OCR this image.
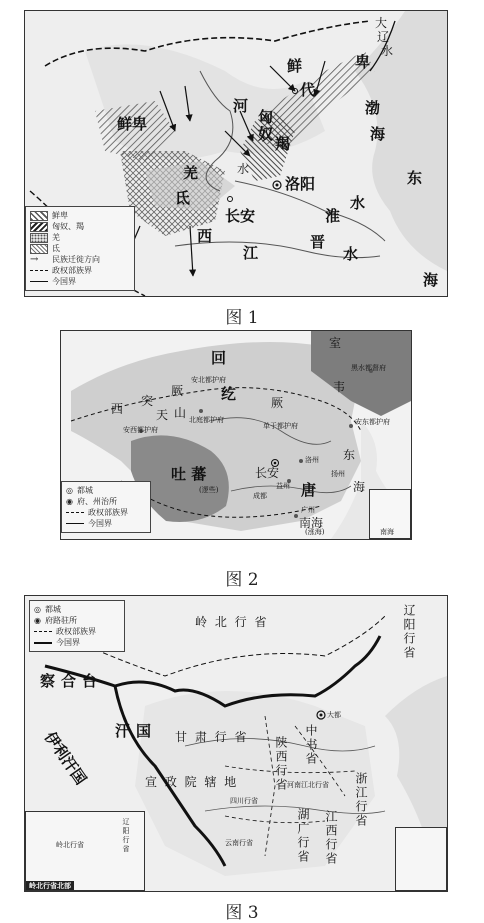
鲜	卑
代
鲜卑
河
匈奴
羯
渤
海
羌	水
洛阳	东
氐
长安	淮
水
西
江
晋
水
海
大
辽
水
鲜卑
匈奴、羯
羌
氐
→	民族迁徙方向
政权部族界
今国界
图 1
室
韦
回
纥
西
突
厥
天 山
厥
吐 蕃
(逻些)
长安
唐
东
海
南海
(涨海)
安北都护府
北庭都护府
单于都护府
黑水都督府
安东都护府
安西都护府
洛州
益州
成都
广州
扬州
南海
◎ 都城
◉ 府、州治所
政权部族界
今国界
图 2
岭 北 行 省	辽阳行省
察合台
汗国
伊利汗国	甘 肃 行 省 陕西行省 中书省
大都
宣 政 院 辖 地
四川行省
河南江北行省
湖广行省 江西行省
浙江行省
云南行省
◎ 都城
◉ 府路驻所
政权部族界
今国界
岭北行省	辽阳行省
岭北行省北部
图 3
